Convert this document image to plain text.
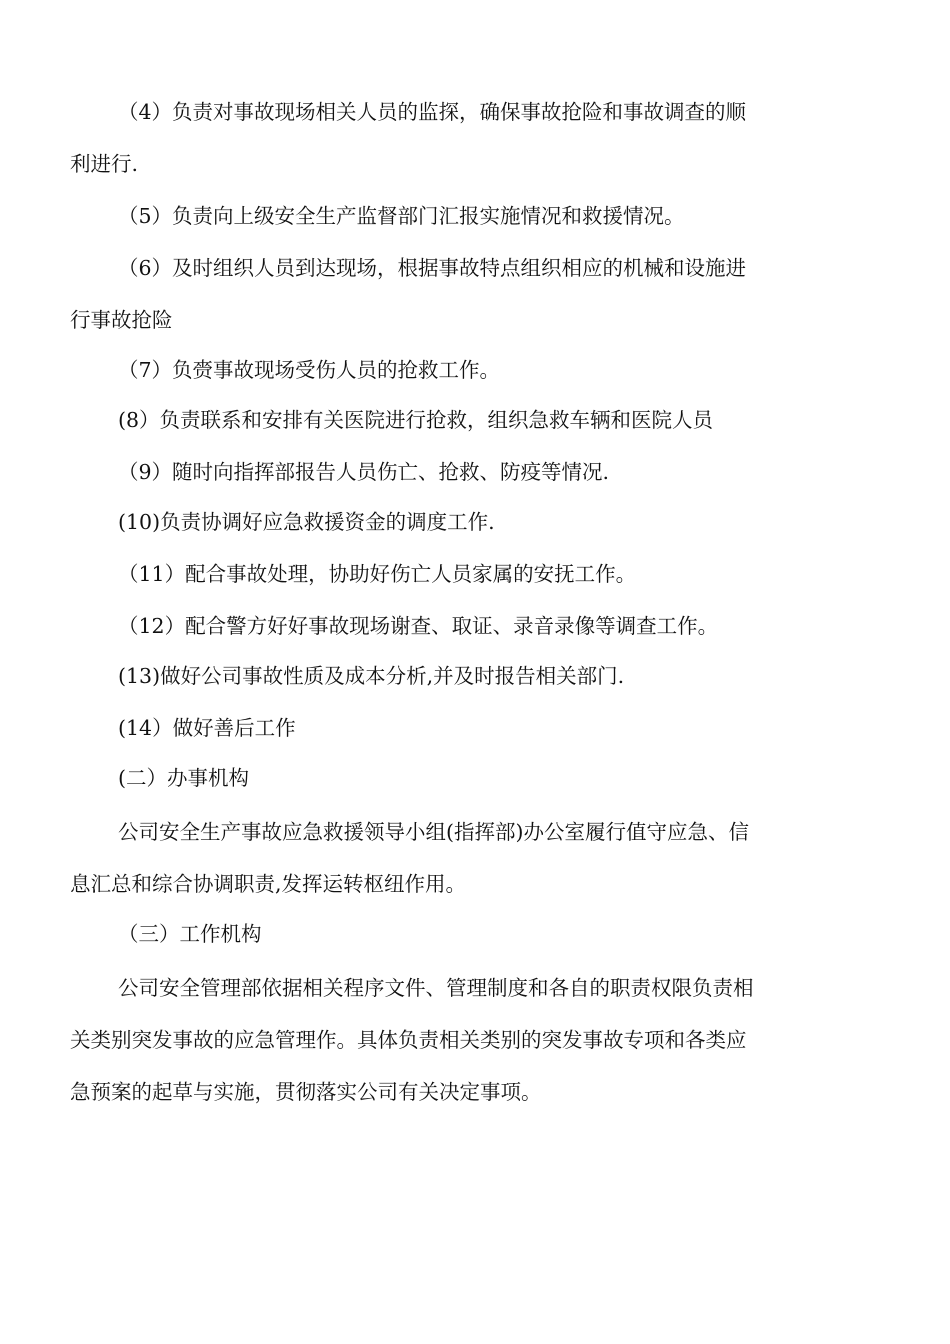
（4）负责对事故现场相关人员的监探，确保事故抢险和事故调查的顺
利进行.
（5）负责向上级安全生产监督部门汇报实施情况和救援情况。
（6）及时组织人员到达现场，根据事故特点组织相应的机械和设施进
行事故抢险
（7）负赍事故现场受伤人员的抢救工作。
(8）负责联系和安排有关医院进行抢救，组织急救车辆和医院人员
（9）随时向指挥部报告人员伤亡、抢救、防疫等情况.
(10)负责协调好应急救援资金的调度工作.
（11）配合事故处理，协助好伤亡人员家属的安抚工作。
（12）配合警方好好事故现场谢查、取证、录音录像等调查工作。
(13)做好公司事故性质及成本分析,并及时报告相关部门.
(14）做好善后工作
(二）办事机构
公司安全生产事故应急救援领导小组(指挥部)办公室履行值守应急、信
息汇总和综合协调职责,发挥运转枢纽作用。
（三）工作机构
公司安全管理部依据相关程序文件、管理制度和各自的职责权限负责相
关类别突发事故的应急管理作。具体负责相关类别的突发事故专项和各类应
急预案的起草与实施，贯彻落实公司有关决定事项。
